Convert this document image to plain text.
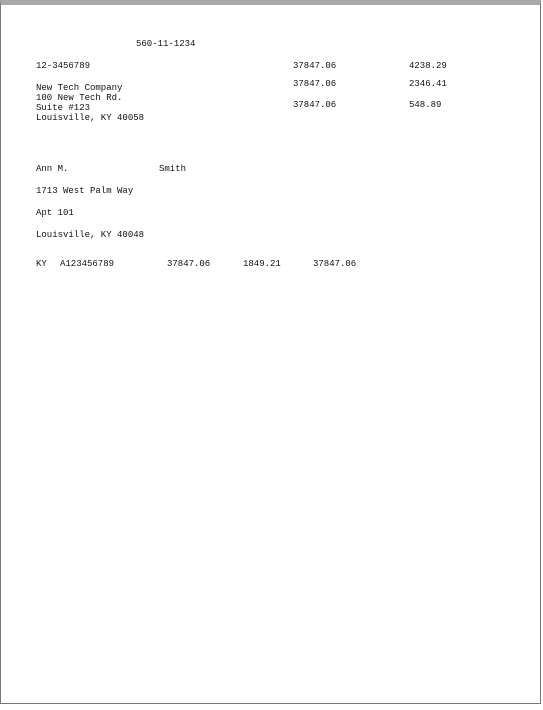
560-11-1234
12-3456789	37847.06	4238.29
New Tech Company	37847.06	2346.41
100 New Tech Rd.
Suite #123	37847.06	548.89
Louisville, KY 40058
Ann M.	Smith
1713 West Palm Way
Apt 101
Louisville, KY 40048
KY A123456789	37847.06	1849.21	37847.06
